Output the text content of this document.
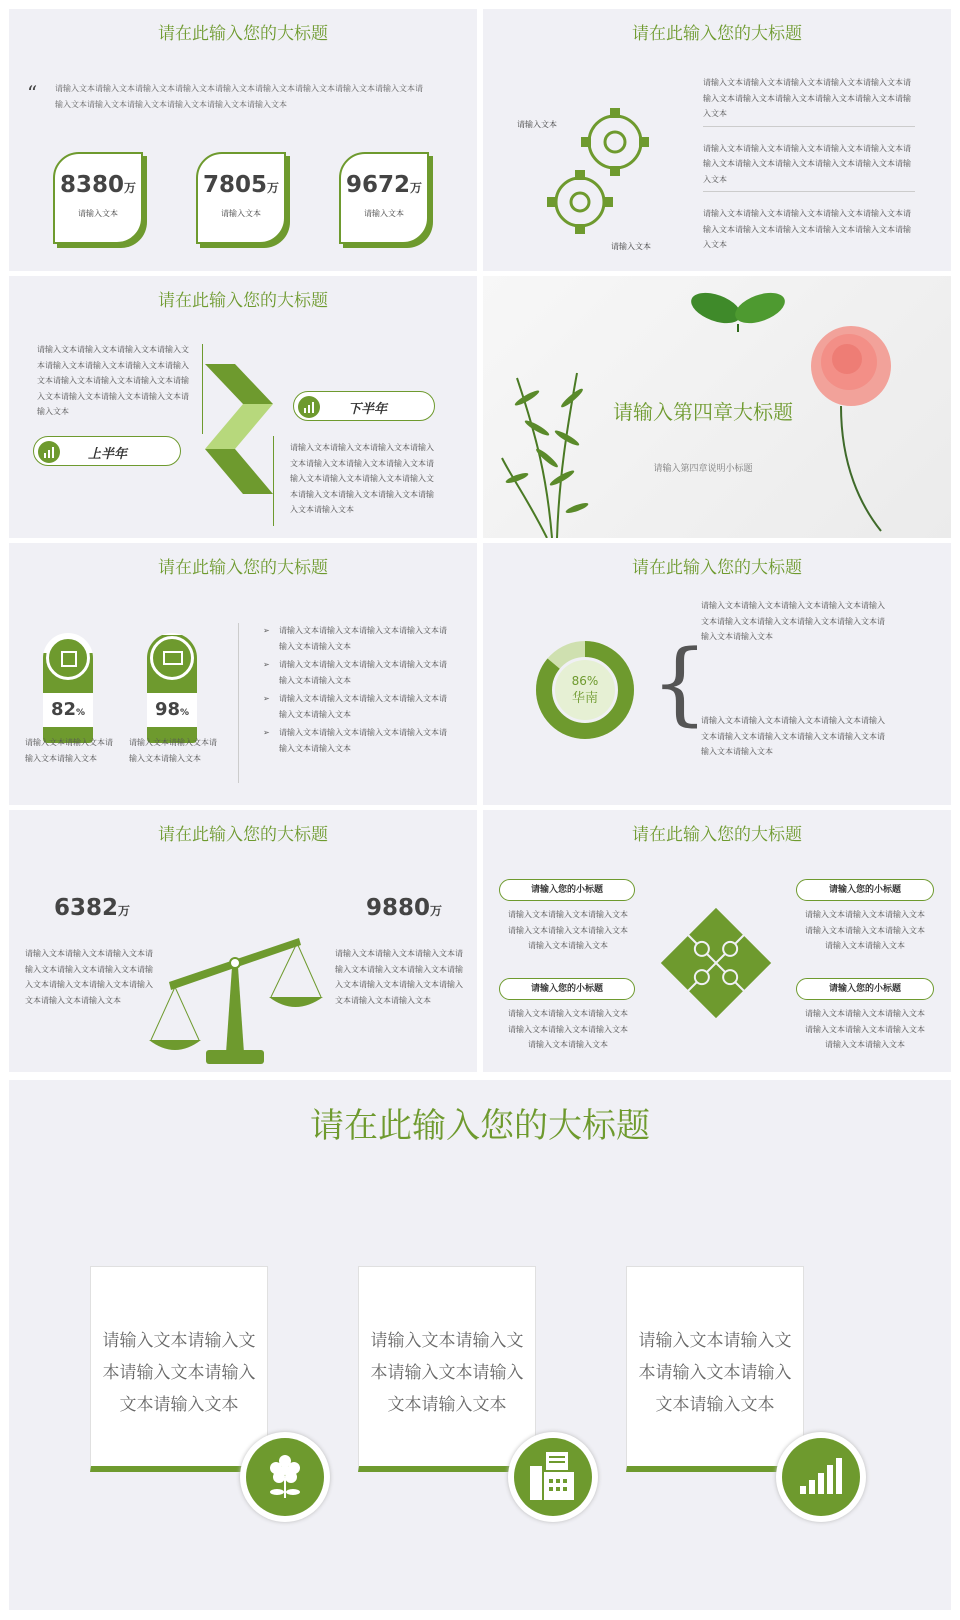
请在此输入您的大标题
“ 请输入文本请输入文本请输入文本请输入文本请输入文本请输入文本请输入文本请输入文本请输入文本请输入文本请输入文本请输入文本请输入文本请输入文本请输入文本
8380万
请输入文本
7805万
请输入文本
9672万
请输入文本
请在此输入您的大标题
请输入文本
请输入文本
请输入文本请输入文本请输入文本请输入文本请输入文本请输入文本请输入文本请输入文本请输入文本请输入文本请输入文本
请输入文本请输入文本请输入文本请输入文本请输入文本请输入文本请输入文本请输入文本请输入文本请输入文本请输入文本
请输入文本请输入文本请输入文本请输入文本请输入文本请输入文本请输入文本请输入文本请输入文本请输入文本请输入文本
请在此输入您的大标题
请输入文本请输入文本请输入文本请输入文本请输入文本请输入文本请输入文本请输入文本请输入文本请输入文本请输入文本请输入文本请输入文本请输入文本请输入文本请输入文本
上半年
下半年
请输入文本请输入文本请输入文本请输入文本请输入文本请输入文本请输入文本请输入文本请输入文本请输入文本请输入文本请输入文本请输入文本请输入文本请输入文本请输入文本
请输入第四章大标题
请输入第四章说明小标题
请在此输入您的大标题
82%	98%
请输入文本请输入文本请输入文本请输入文本
请输入文本请输入文本请输入文本请输入文本
➢ 请输入文本请输入文本请输入文本请输入文本请输入文本请输入文本
➢ 请输入文本请输入文本请输入文本请输入文本请输入文本请输入文本
➢ 请输入文本请输入文本请输入文本请输入文本请输入文本请输入文本
➢ 请输入文本请输入文本请输入文本请输入文本请输入文本请输入文本
请在此输入您的大标题
86%
华南 {
请输入文本请输入文本请输入文本请输入文本请输入文本请输入文本请输入文本请输入文本请输入文本请输入文本请输入文本
请输入文本请输入文本请输入文本请输入文本请输入文本请输入文本请输入文本请输入文本请输入文本请输入文本请输入文本
请在此输入您的大标题
6382万	9880万
请输入文本请输入文本请输入文本请输入文本请输入文本请输入文本请输入文本请输入文本请输入文本请输入文本请输入文本请输入文本
请输入文本请输入文本请输入文本请输入文本请输入文本请输入文本请输入文本请输入文本请输入文本请输入文本请输入文本请输入文本
请在此输入您的大标题
请输入您的小标题
请输入文本请输入文本请输入文本请输入文本请输入文本请输入文本请输入文本请输入文本
请输入您的小标题
请输入文本请输入文本请输入文本请输入文本请输入文本请输入文本请输入文本请输入文本
请输入您的小标题
请输入文本请输入文本请输入文本请输入文本请输入文本请输入文本请输入文本请输入文本
请输入您的小标题
请输入文本请输入文本请输入文本请输入文本请输入文本请输入文本请输入文本请输入文本
请在此输入您的大标题
请输入文本请输入文本请输入文本请输入文本请输入文本
请输入文本请输入文本请输入文本请输入文本请输入文本
请输入文本请输入文本请输入文本请输入文本请输入文本
